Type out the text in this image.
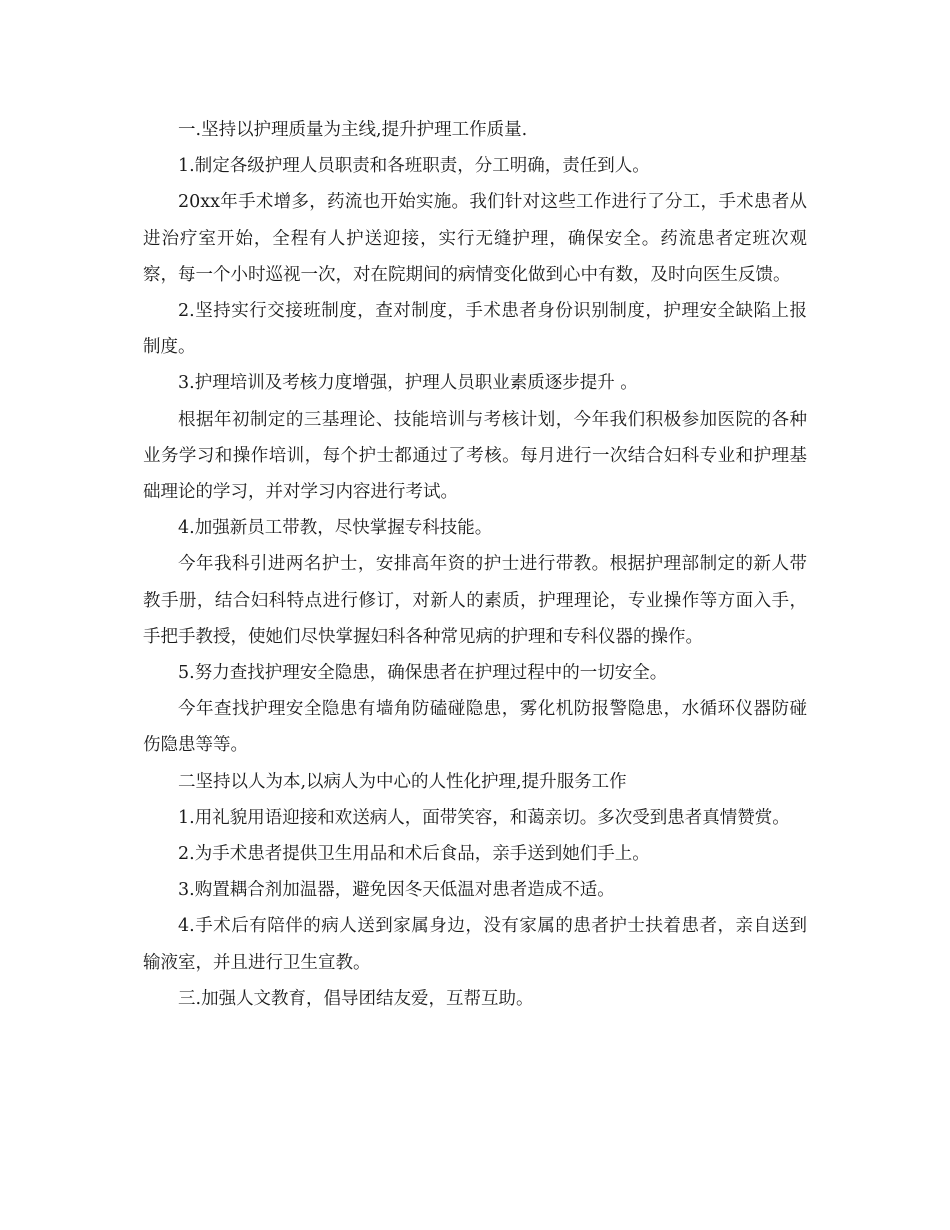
一.坚持以护理质量为主线,提升护理工作质量.

1.制定各级护理人员职责和各班职责，分工明确，责任到人。

20xx年手术增多，药流也开始实施。我们针对这些工作进行了分工，手术患者从进治疗室开始，全程有人护送迎接，实行无缝护理，确保安全。药流患者定班次观察，每一个小时巡视一次，对在院期间的病情变化做到心中有数，及时向医生反馈。

2.坚持实行交接班制度，查对制度，手术患者身份识别制度，护理安全缺陷上报制度。

3.护理培训及考核力度增强，护理人员职业素质逐步提升 。

根据年初制定的三基理论、技能培训与考核计划，今年我们积极参加医院的各种业务学习和操作培训，每个护士都通过了考核。每月进行一次结合妇科专业和护理基础理论的学习，并对学习内容进行考试。

4.加强新员工带教，尽快掌握专科技能。

今年我科引进两名护士，安排高年资的护士进行带教。根据护理部制定的新人带教手册，结合妇科特点进行修订，对新人的素质，护理理论，专业操作等方面入手，手把手教授，使她们尽快掌握妇科各种常见病的护理和专科仪器的操作。

5.努力查找护理安全隐患，确保患者在护理过程中的一切安全。

今年查找护理安全隐患有墙角防磕碰隐患，雾化机防报警隐患，水循环仪器防碰伤隐患等等。

二坚持以人为本,以病人为中心的人性化护理,提升服务工作

1.用礼貌用语迎接和欢送病人，面带笑容，和蔼亲切。多次受到患者真情赞赏。

2.为手术患者提供卫生用品和术后食品，亲手送到她们手上。

3.购置耦合剂加温器，避免因冬天低温对患者造成不适。

4.手术后有陪伴的病人送到家属身边，没有家属的患者护士扶着患者，亲自送到输液室，并且进行卫生宣教。

三.加强人文教育，倡导团结友爱，互帮互助。
